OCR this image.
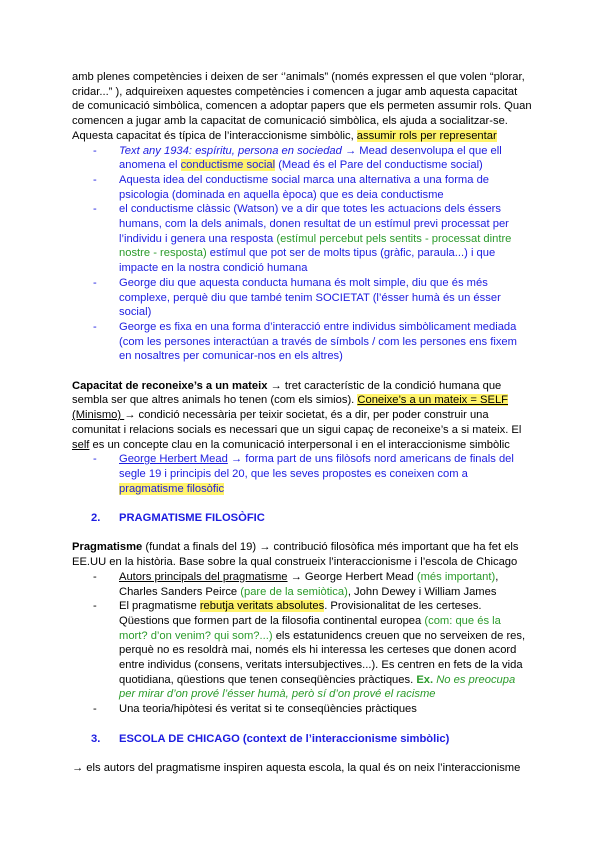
amb plenes competències i deixen de ser ‘’animals” (només expressen el que volen “plorar, cridar...” ), adquireixen aquestes competències i comencen a jugar amb aquesta capacitat de comunicació simbòlica, comencen a adoptar papers que els permeten assumir rols. Quan comencen a jugar amb la capacitat de comunicació simbòlica, els ajuda a socialitzar-se. Aquesta capacitat és típica de l’interaccionisme simbòlic, assumir rols per representar

- Text any 1934: espíritu, persona en sociedad → Mead desenvolupa el que ell anomena el conductisme social (Mead és el Pare del conductisme social)
- Aquesta idea del conductisme social marca una alternativa a una forma de psicologia (dominada en aquella època) que es deia conductisme
- el conductisme clàssic (Watson) ve a dir que totes les actuacions dels éssers humans, com la dels animals, donen resultat de un estímul previ processat per l’individu i genera una resposta (estímul percebut pels sentits - processat dintre nostre - resposta) estímul que pot ser de molts tipus (gràfic, paraula...) i que impacte en la nostra condició humana
- George diu que aquesta conducta humana és molt simple, diu que és més complexe, perquè diu que també tenim SOCIETAT (l’ésser humà és un ésser social)
- George es fixa en una forma d’interacció entre individus simbòlicament mediada (com les persones interactúan a través de símbols / com les persones ens fixem en nosaltres per comunicar-nos en els altres)

Capacitat de reconeixe’s a un mateix → tret característic de la condició humana que sembla ser que altres animals ho tenen (com els simios). Coneixe’s a un mateix = SELF
(Minismo) → condició necessària per teixir societat, és a dir, per poder construir una comunitat i relacions socials es necessari que un sigui capaç de reconeixe’s a si mateix. El self es un concepte clau en la comunicació interpersonal i en el interaccionisme simbòlic

- George Herbert Mead → forma part de uns filòsofs nord americans de finals del segle 19 i principis del 20, que les seves propostes es coneixen com a pragmatisme filosòfic

2. PRAGMATISME FILOSÒFIC

Pragmatisme (fundat a finals del 19) → contribució filosòfica més important que ha fet els EE.UU en la història. Base sobre la qual construeix l’interaccionisme i l’escola de Chicago

- Autors principals del pragmatisme → George Herbert Mead (més important), Charles Sanders Peirce (pare de la semiòtica), John Dewey i William James
- El pragmatisme rebutja veritats absolutes. Provisionalitat de les certeses. Qüestions que formen part de la filosofia continental europea (com: que és la mort? d’on venim? qui som?...) els estatunidencs creuen que no serveixen de res, perquè no es resoldrà mai, només els hi interessa les certeses que donen acord entre individus (consens, veritats intersubjectives...). Es centren en fets de la vida quotidiana, qüestions que tenen conseqüències pràctiques. Ex. No es preocupa per mirar d’on prové l’ésser humà, però sí d’on prové el racisme
- Una teoria/hipòtesi és veritat si te conseqüències pràctiques

3. ESCOLA DE CHICAGO (context de l’interaccionisme simbòlic)

→ els autors del pragmatisme inspiren aquesta escola, la qual és on neix l’interaccionisme
